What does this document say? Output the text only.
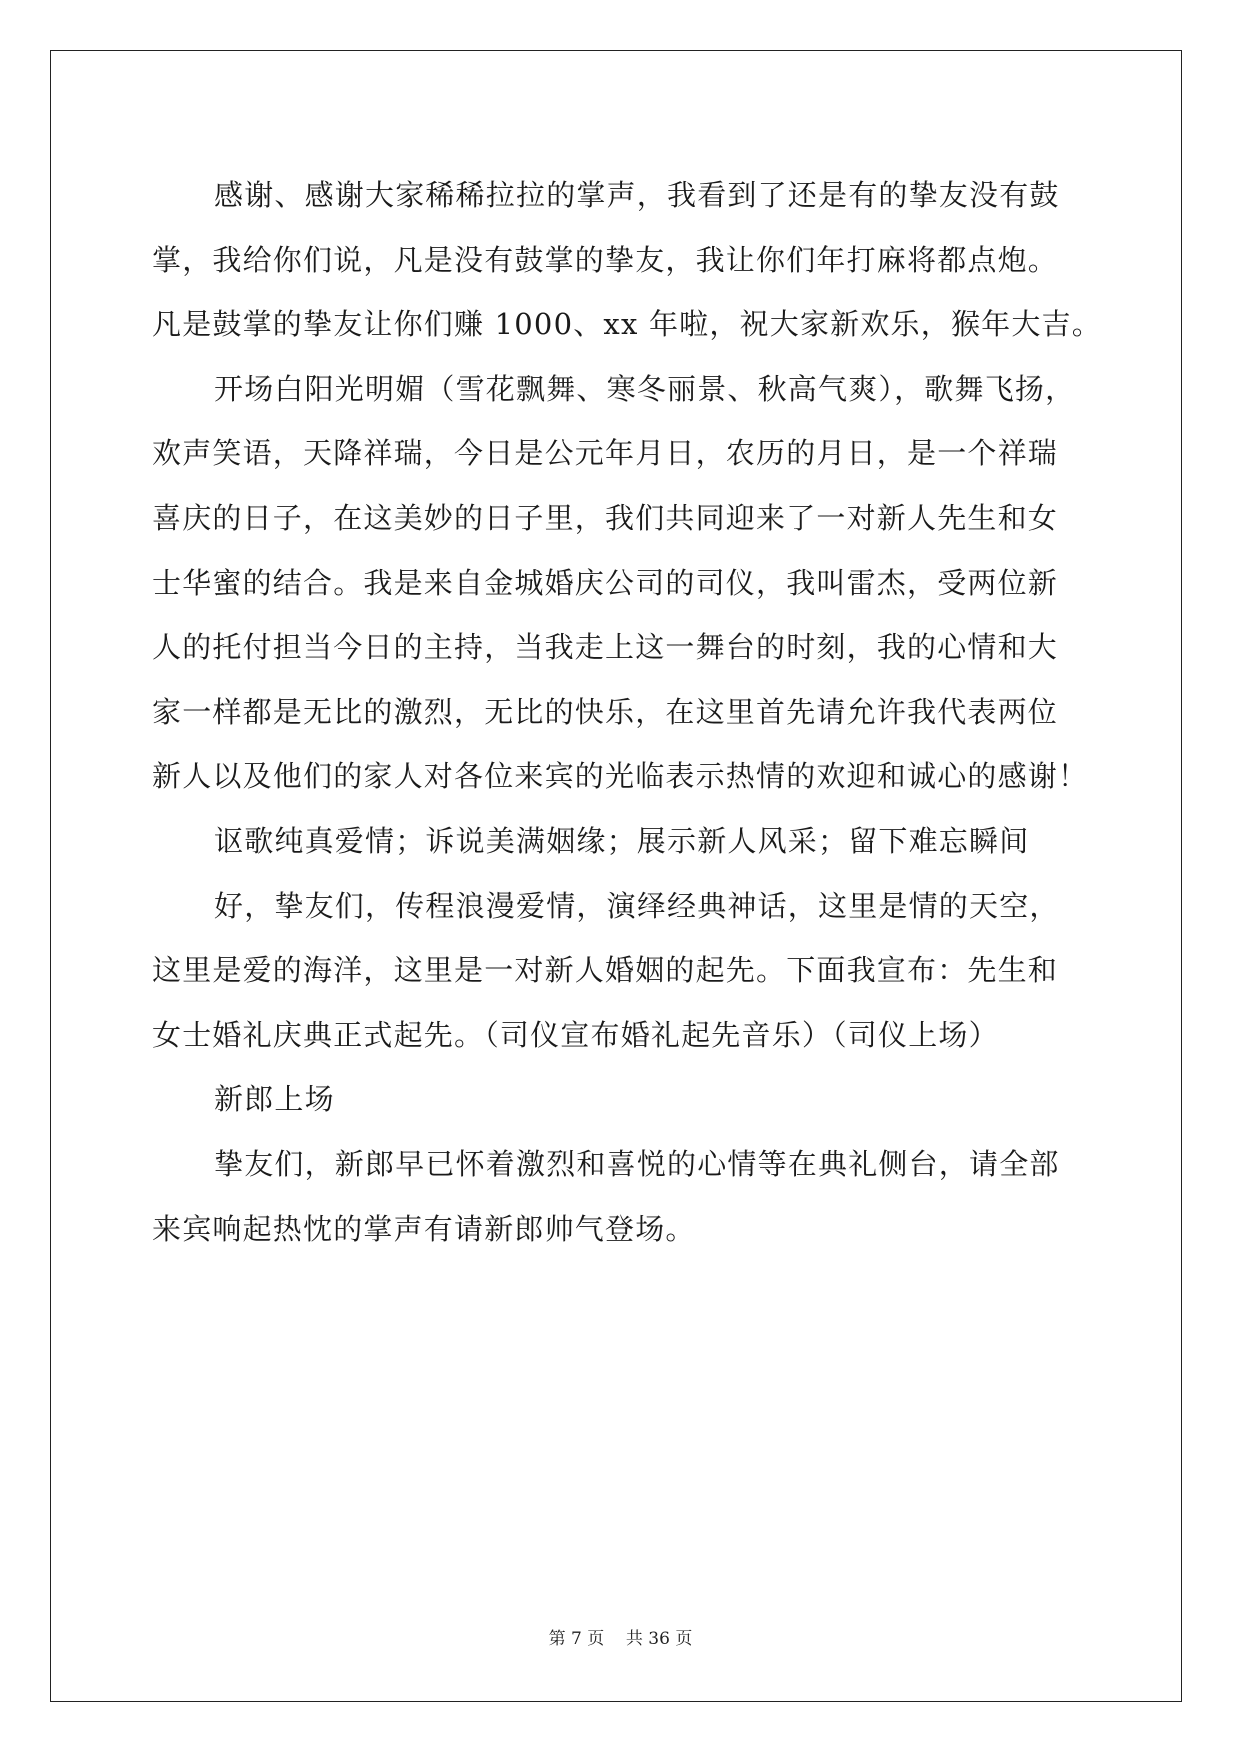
感谢、感谢大家稀稀拉拉的掌声，我看到了还是有的挚友没有鼓
掌，我给你们说，凡是没有鼓掌的挚友，我让你们年打麻将都点炮。
凡是鼓掌的挚友让你们赚 1000、xx 年啦，祝大家新欢乐，猴年大吉。
开场白阳光明媚（雪花飘舞、寒冬丽景、秋高气爽），歌舞飞扬，
欢声笑语，天降祥瑞，今日是公元年月日，农历的月日，是一个祥瑞
喜庆的日子，在这美妙的日子里，我们共同迎来了一对新人先生和女
士华蜜的结合。我是来自金城婚庆公司的司仪，我叫雷杰，受两位新
人的托付担当今日的主持，当我走上这一舞台的时刻，我的心情和大
家一样都是无比的激烈，无比的快乐，在这里首先请允许我代表两位
新人以及他们的家人对各位来宾的光临表示热情的欢迎和诚心的感谢！
讴歌纯真爱情；诉说美满姻缘；展示新人风采；留下难忘瞬间
好，挚友们，传程浪漫爱情，演绎经典神话，这里是情的天空，
这里是爱的海洋，这里是一对新人婚姻的起先。下面我宣布：先生和
女士婚礼庆典正式起先。（司仪宣布婚礼起先音乐）（司仪上场）
新郎上场
挚友们，新郎早已怀着激烈和喜悦的心情等在典礼侧台，请全部
来宾响起热忱的掌声有请新郎帅气登场。
第 7 页    共 36 页
